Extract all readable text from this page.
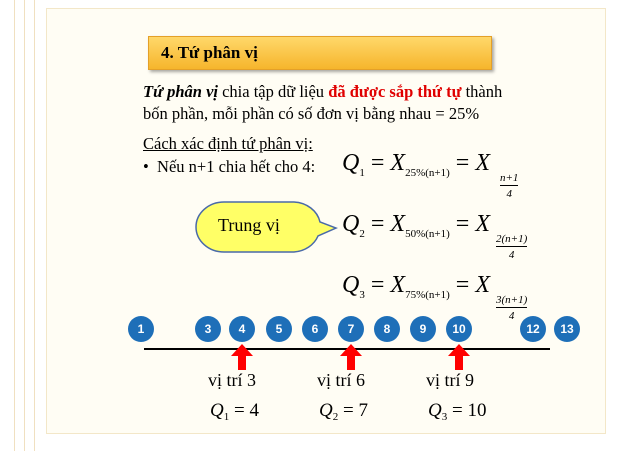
4. Tứ phân vị
Tứ phân vị chia tập dữ liệu đã được sắp thứ tự thành
bốn phần, mỗi phần có số đơn vị bằng nhau = 25%
Cách xác định tứ phân vị:
•  Nếu n+1 chia hết cho 4: $Q_1 = X_{25\%(n+1)} = X$
n+1
4
$Q_2 = X_{50\%(n+1)} = X$
2(n+1)
4
$Q_3 = X_{75\%(n+1)} = X$
3(n+1)
4
Trung vị
1	3	4	5	6	7	8	9	10	12	13
vị trí 3	vị trí 6	vị trí 9
$Q_1 = 4$	$Q_2 = 7$	$Q_3 = 10$
